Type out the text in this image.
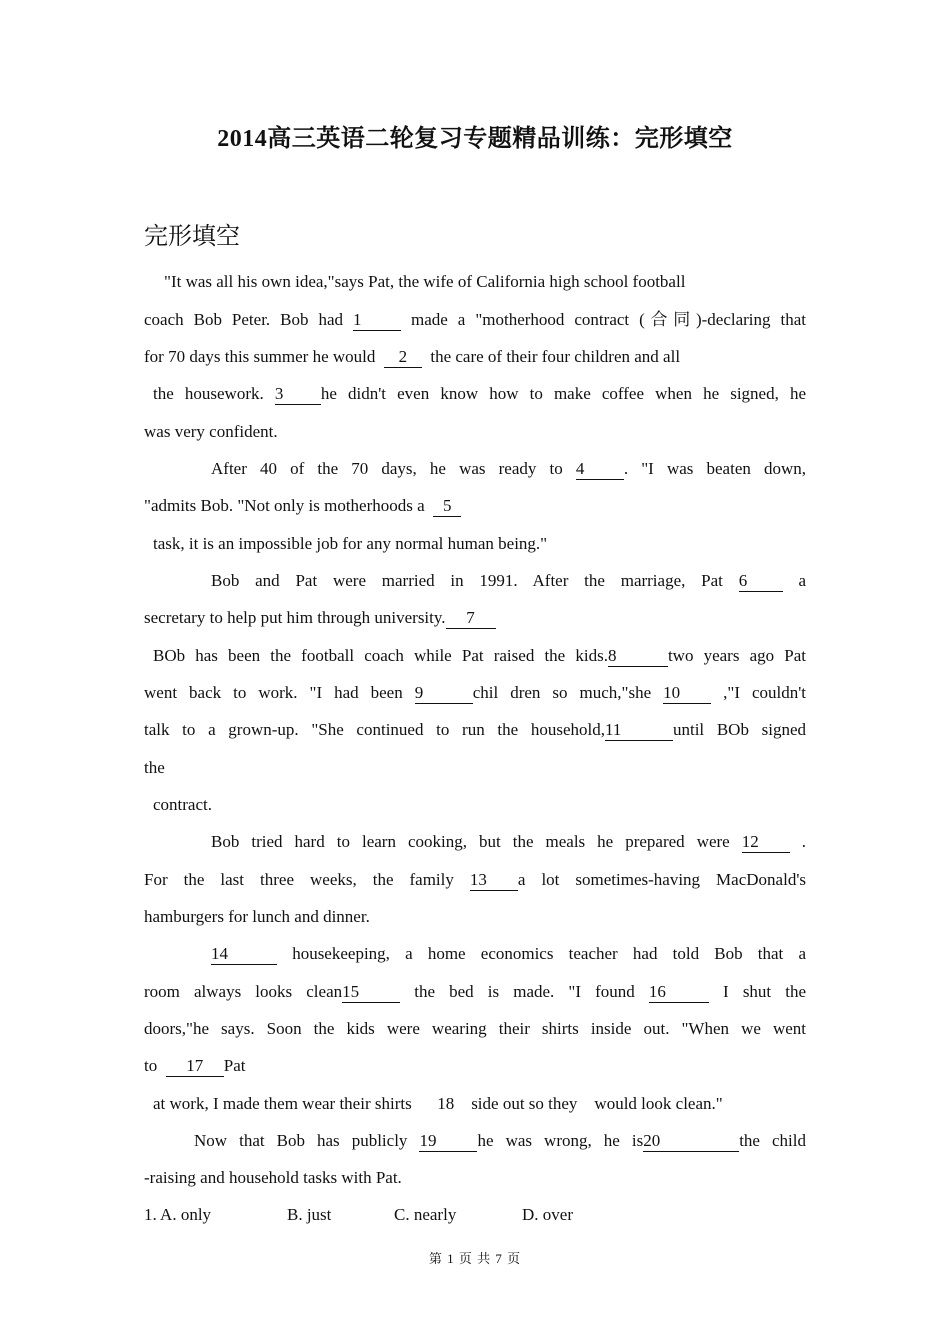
2014高三英语二轮复习专题精品训练：完形填空
完形填空
"It was all his own idea,"says Pat, the wife of California high school football
coach Bob Peter. Bob had 1	made a "motherhood contract (合同)-declaring that
for 70 days this summer he would 2 the care of their four children and all
the housework. 3 he didn't even know how to make coffee when he signed, he
was very confident.
After 40 of the 70 days, he was ready to 4 . "I was beaten down,
"admits Bob. "Not only is motherhoods a 5
task, it is an impossible job for any normal human being."
Bob and Pat were married in 1991. After the marriage, Pat 6	a
secretary to help put him through university. 7
BOb has been the football coach while Pat raised the kids.8	two years ago Pat
went back to work. "I had been 9	chil dren so much,"she 10	,"I couldn't
talk to a grown-up. "She continued to run the household,11	until BOb signed
the
contract.
Bob tried hard to learn cooking, but the meals he prepared were 12	.
For the last three weeks, the family 13 a lot sometimes-having MacDonald's
hamburgers for lunch and dinner.
14	housekeeping, a home economics teacher had told Bob that a
room always looks clean15	the bed is made. "I found 16	I shut the
doors,"he says. Soon the kids were wearing their shirts inside out. "When we went
to 17 Pat
at work, I made them wear their shirts      18    side out so they    would look clean."
Now that Bob has publicly 19 he was wrong, he is20	the child
-raising and household tasks with Pat.
1. A. only	B. just	C. nearly	D. over
第 1 页 共 7 页
